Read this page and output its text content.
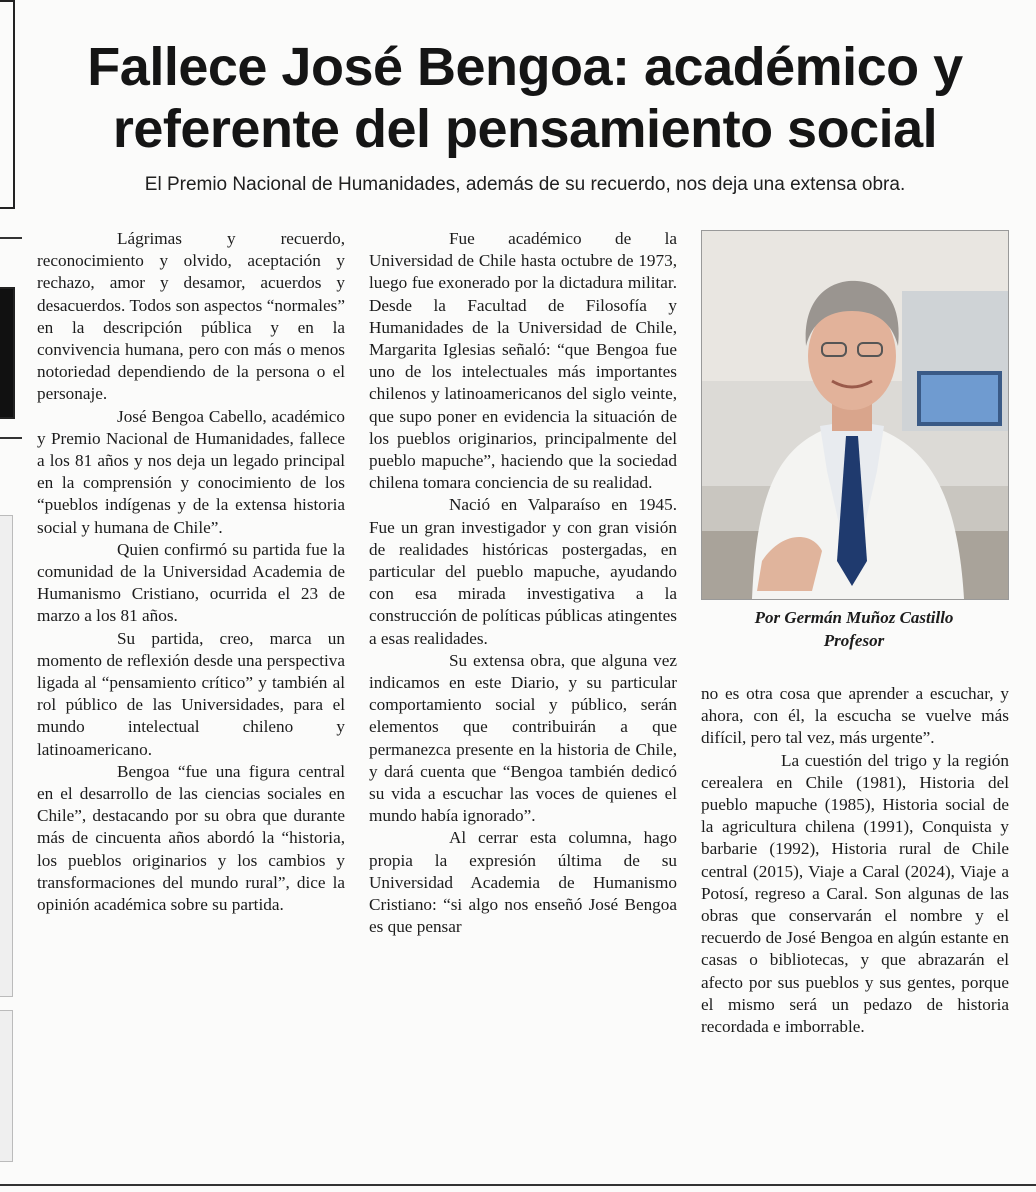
Fallece José Bengoa: académico y referente del pensamiento social

El Premio Nacional de Humanidades, además de su recuerdo, nos deja una extensa obra.

Lágrimas y recuerdo, reconocimiento y olvido, aceptación y rechazo, amor y desamor, acuerdos y desacuerdos. Todos son aspectos “normales” en la descripción pública y en la convivencia humana, pero con más o menos notoriedad dependiendo de la persona o el personaje.

José Bengoa Cabello, académico y Premio Nacional de Humanidades, fallece a los 81 años y nos deja un legado principal en la comprensión y conocimiento de los “pueblos indígenas y de la extensa historia social y humana de Chile”.

Quien confirmó su partida fue la comunidad de la Universidad Academia de Humanismo Cristiano, ocurrida el 23 de marzo a los 81 años.

Su partida, creo, marca un momento de reflexión desde una perspectiva ligada al “pensamiento crítico” y también al rol público de las Universidades, para el mundo intelectual chileno y latinoamericano.

Bengoa “fue una figura central en el desarrollo de las ciencias sociales en Chile”, destacando por su obra que durante más de cincuenta años abordó la “historia, los pueblos originarios y los cambios y transformaciones del mundo rural”, dice la opinión académica sobre su partida.

Fue académico de la Universidad de Chile hasta octubre de 1973, luego fue exonerado por la dictadura militar. Desde la Facultad de Filosofía y Humanidades de la Universidad de Chile, Margarita Iglesias señaló: “que Bengoa fue uno de los intelectuales más importantes chilenos y latinoamericanos del siglo veinte, que supo poner en evidencia la situación de los pueblos originarios, principalmente del pueblo mapuche”, haciendo que la sociedad chilena tomara conciencia de su realidad.

Nació en Valparaíso en 1945. Fue un gran investigador y con gran visión de realidades históricas postergadas, en particular del pueblo mapuche, ayudando con esa mirada investigativa a la construcción de políticas públicas atingentes a esas realidades.

Su extensa obra, que alguna vez indicamos en este Diario, y su particular comportamiento social y público, serán elementos que contribuirán a que permanezca presente en la historia de Chile, y dará cuenta que “Bengoa también dedicó su vida a escuchar las voces de quienes el mundo había ignorado”.

Al cerrar esta columna, hago propia la expresión última de su Universidad Academia de Humanismo Cristiano: “si algo nos enseñó José Bengoa es que pensar

Por Germán Muñoz Castillo
Profesor

no es otra cosa que aprender a escuchar, y ahora, con él, la escucha se vuelve más difícil, pero tal vez, más urgente”.

La cuestión del trigo y la región cerealera en Chile (1981), Historia del pueblo mapuche (1985), Historia social de la agricultura chilena (1991), Conquista y barbarie (1992), Historia rural de Chile central (2015), Viaje a Caral (2024), Viaje a Potosí, regreso a Caral. Son algunas de las obras que conservarán el nombre y el recuerdo de José Bengoa en algún estante en casas o bibliotecas, y que abrazarán el afecto por sus pueblos y sus gentes, porque el mismo será un pedazo de historia recordada e imborrable.
